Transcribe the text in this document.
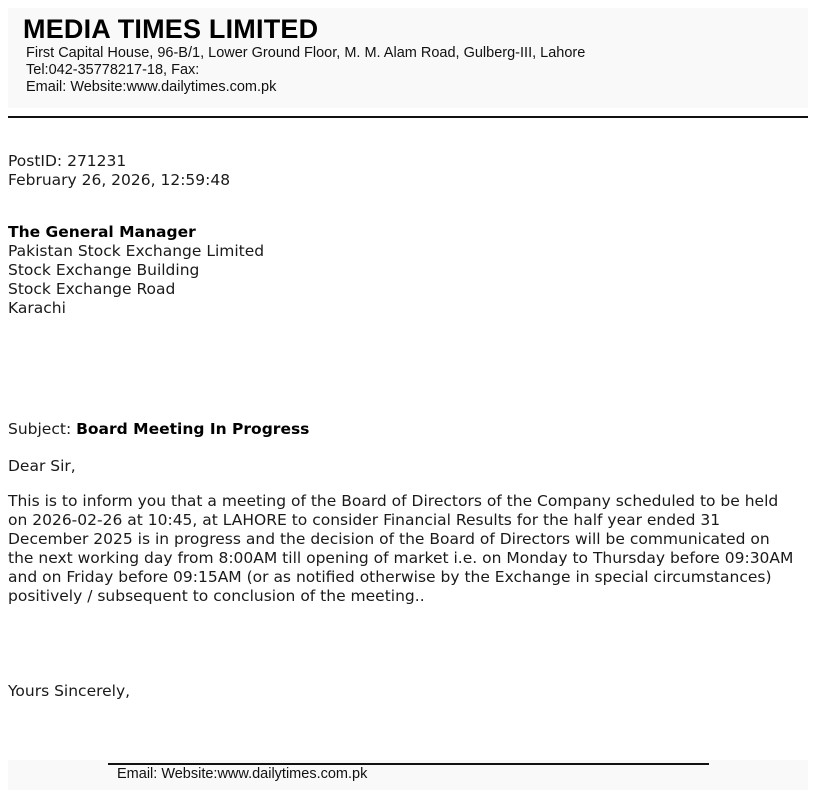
MEDIA TIMES LIMITED
First Capital House, 96-B/1, Lower Ground Floor, M. M. Alam Road, Gulberg-III, Lahore
Tel:042-35778217-18, Fax:
Email: Website:www.dailytimes.com.pk
PostID: 271231
February 26, 2026, 12:59:48
The General Manager
Pakistan Stock Exchange Limited
Stock Exchange Building
Stock Exchange Road
Karachi
Subject: Board Meeting In Progress
Dear Sir,
This is to inform you that a meeting of the Board of Directors of the Company scheduled to be held on 2026-02-26 at 10:45, at LAHORE to consider Financial Results for the half year ended 31 December 2025 is in progress and the decision of the Board of Directors will be communicated on the next working day from 8:00AM till opening of market i.e. on Monday to Thursday before 09:30AM and on Friday before 09:15AM (or as notified otherwise by the Exchange in special circumstances) positively / subsequent to conclusion of the meeting..
Yours Sincerely,
Email: Website:www.dailytimes.com.pk
